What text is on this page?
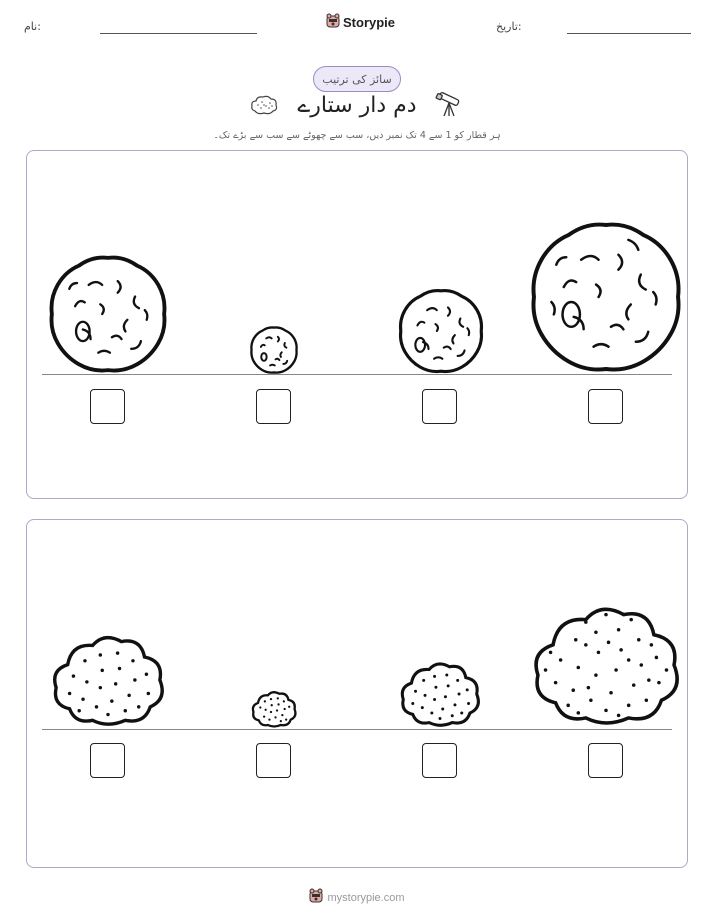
نام:	Storypie	تاریخ:
سائز کی ترتیب
دم دار ستارے
ہر قطار کو 1 سے 4 تک نمبر دیں، سب سے چھوٹے سے سب سے بڑے تک۔
mystorypie.com
